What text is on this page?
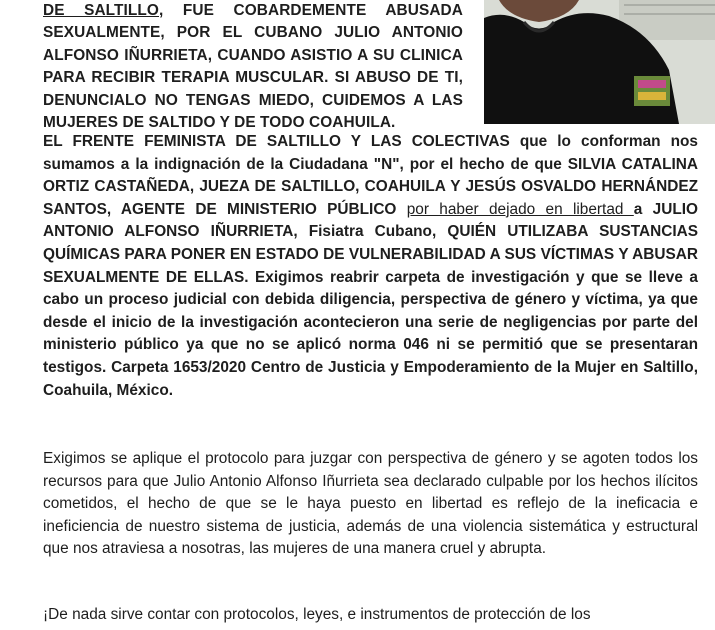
DE SALTILLO, FUE COBARDEMENTE ABUSADA SEXUALMENTE, POR EL CUBANO JULIO ANTONIO ALFONSO IÑURRIETA, CUANDO ASISTIO A SU CLINICA PARA RECIBIR TERAPIA MUSCULAR. SI ABUSO DE TI, DENUNCIALO NO TENGAS MIEDO, CUIDEMOS A LAS MUJERES DE SALTIDO Y DE TODO COAHUILA.

EL FRENTE FEMINISTA DE SALTILLO Y LAS COLECTIVAS que lo conforman nos sumamos a la indignación de la Ciudadana "N", por el hecho de que SILVIA CATALINA ORTIZ CASTAÑEDA, JUEZA DE SALTILLO, COAHUILA Y JESÚS OSVALDO HERNÁNDEZ SANTOS, AGENTE DE MINISTERIO PÚBLICO por haber dejado en libertad a JULIO ANTONIO ALFONSO IÑURRIETA, Fisiatra Cubano, QUIÉN UTILIZABA SUSTANCIAS QUÍMICAS PARA PONER EN ESTADO DE VULNERABILIDAD A SUS VÍCTIMAS Y ABUSAR SEXUALMENTE DE ELLAS. Exigimos reabrir carpeta de investigación y que se lleve a cabo un proceso judicial con debida diligencia, perspectiva de género y víctima, ya que desde el inicio de la investigación acontecieron una serie de negligencias por parte del ministerio público ya que no se aplicó norma 046 ni se permitió que se presentaran testigos. Carpeta 1653/2020 Centro de Justicia y Empoderamiento de la Mujer en Saltillo, Coahuila, México.

Exigimos se aplique el protocolo para juzgar con perspectiva de género y se agoten todos los recursos para que Julio Antonio Alfonso Iñurrieta sea declarado culpable por los hechos ilícitos cometidos, el hecho de que se le haya puesto en libertad es reflejo de la ineficacia e ineficiencia de nuestro sistema de justicia, además de una violencia sistemática y estructural que nos atraviesa a nosotras, las mujeres de una manera cruel y abrupta.

¡De nada sirve contar con protocolos, leyes, e instrumentos de protección de los
